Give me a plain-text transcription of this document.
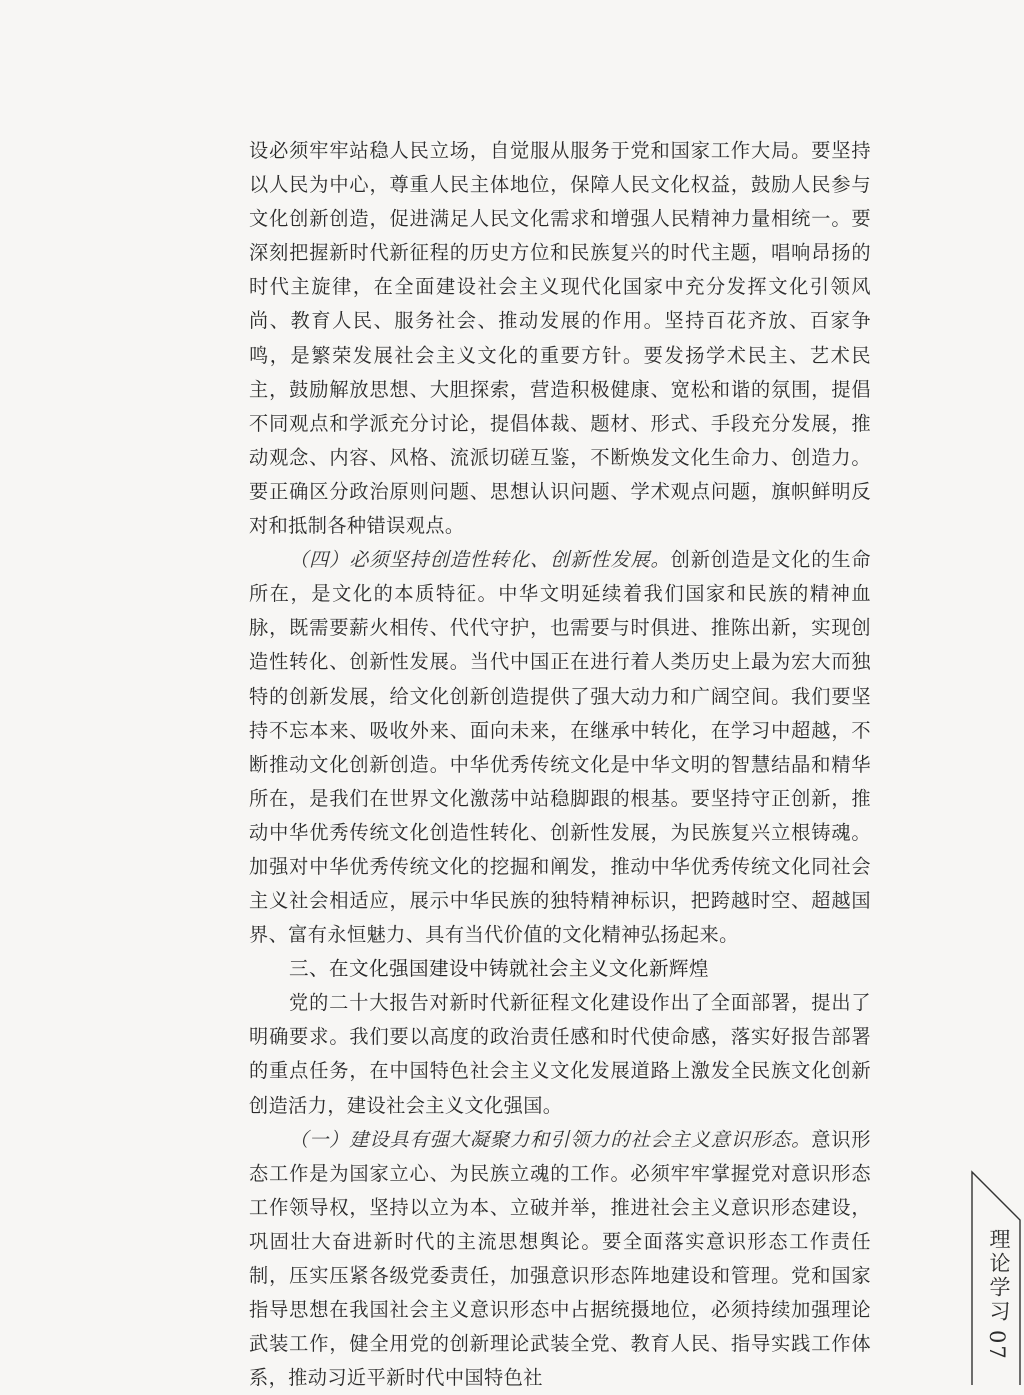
设必须牢牢站稳人民立场，自觉服从服务于党和国家工作大局。要坚持以人民为中心，尊重人民主体地位，保障人民文化权益，鼓励人民参与文化创新创造，促进满足人民文化需求和增强人民精神力量相统一。要深刻把握新时代新征程的历史方位和民族复兴的时代主题，唱响昂扬的时代主旋律，在全面建设社会主义现代化国家中充分发挥文化引领风尚、教育人民、服务社会、推动发展的作用。坚持百花齐放、百家争鸣，是繁荣发展社会主义文化的重要方针。要发扬学术民主、艺术民主，鼓励解放思想、大胆探索，营造积极健康、宽松和谐的氛围，提倡不同观点和学派充分讨论，提倡体裁、题材、形式、手段充分发展，推动观念、内容、风格、流派切磋互鉴，不断焕发文化生命力、创造力。要正确区分政治原则问题、思想认识问题、学术观点问题，旗帜鲜明反对和抵制各种错误观点。

（四）必须坚持创造性转化、创新性发展。创新创造是文化的生命所在，是文化的本质特征。中华文明延续着我们国家和民族的精神血脉，既需要薪火相传、代代守护，也需要与时俱进、推陈出新，实现创造性转化、创新性发展。当代中国正在进行着人类历史上最为宏大而独特的创新发展，给文化创新创造提供了强大动力和广阔空间。我们要坚持不忘本来、吸收外来、面向未来，在继承中转化，在学习中超越，不断推动文化创新创造。中华优秀传统文化是中华文明的智慧结晶和精华所在，是我们在世界文化激荡中站稳脚跟的根基。要坚持守正创新，推动中华优秀传统文化创造性转化、创新性发展，为民族复兴立根铸魂。加强对中华优秀传统文化的挖掘和阐发，推动中华优秀传统文化同社会主义社会相适应，展示中华民族的独特精神标识，把跨越时空、超越国界、富有永恒魅力、具有当代价值的文化精神弘扬起来。

三、在文化强国建设中铸就社会主义文化新辉煌

党的二十大报告对新时代新征程文化建设作出了全面部署，提出了明确要求。我们要以高度的政治责任感和时代使命感，落实好报告部署的重点任务，在中国特色社会主义文化发展道路上激发全民族文化创新创造活力，建设社会主义文化强国。

（一）建设具有强大凝聚力和引领力的社会主义意识形态。意识形态工作是为国家立心、为民族立魂的工作。必须牢牢掌握党对意识形态工作领导权，坚持以立为本、立破并举，推进社会主义意识形态建设，巩固壮大奋进新时代的主流思想舆论。要全面落实意识形态工作责任制，压实压紧各级党委责任，加强意识形态阵地建设和管理。党和国家指导思想在我国社会主义意识形态中占据统摄地位，必须持续加强理论武装工作，健全用党的创新理论武装全党、教育人民、指导实践工作体系，推动习近平新时代中国特色社

理论学习
07
